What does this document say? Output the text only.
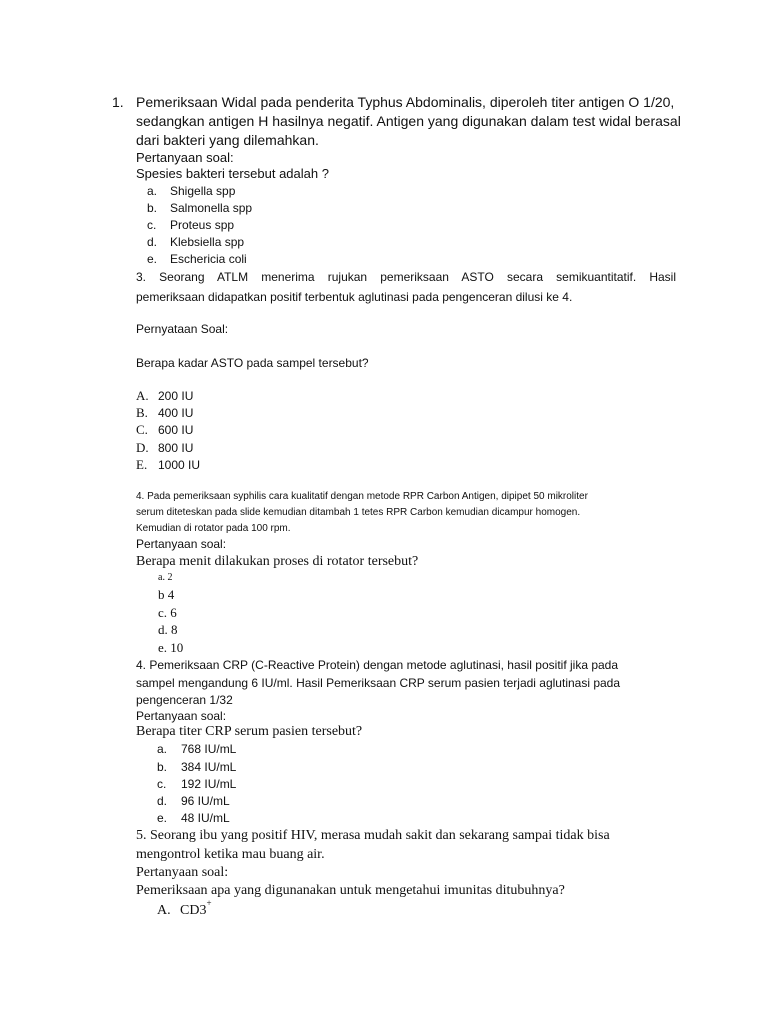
1. Pemeriksaan Widal pada penderita Typhus Abdominalis, diperoleh titer antigen O 1/20,
sedangkan antigen H hasilnya negatif. Antigen yang digunakan dalam test widal berasal
dari bakteri yang dilemahkan.
Pertanyaan soal:
Spesies bakteri tersebut adalah ?
a. Shigella spp
b. Salmonella spp
c. Proteus spp
d. Klebsiella spp
e. Eschericia coli
3. Seorang ATLM menerima rujukan pemeriksaan ASTO secara semikuantitatif. Hasil
pemeriksaan didapatkan positif terbentuk aglutinasi pada pengenceran dilusi ke 4.
Pernyataan Soal:
Berapa kadar ASTO pada sampel tersebut?
A. 200 IU
B. 400 IU
C. 600 IU
D. 800 IU
E. 1000 IU
4. Pada pemeriksaan syphilis cara kualitatif dengan metode RPR Carbon Antigen, dipipet 50 mikroliter
serum diteteskan pada slide kemudian ditambah 1 tetes RPR Carbon kemudian dicampur homogen.
Kemudian di rotator pada 100 rpm.
Pertanyaan soal:
Berapa menit dilakukan proses di rotator tersebut?
a. 2
b 4
c. 6
d. 8
e. 10
4. Pemeriksaan CRP (C-Reactive Protein) dengan metode aglutinasi, hasil positif jika pada
sampel mengandung 6 IU/ml. Hasil Pemeriksaan CRP serum pasien terjadi aglutinasi pada
pengenceran 1/32
Pertanyaan soal:
Berapa titer CRP serum pasien tersebut?
a. 768 IU/mL
b. 384 IU/mL
c. 192 IU/mL
d. 96 IU/mL
e. 48 IU/mL
5. Seorang ibu yang positif HIV, merasa mudah sakit dan sekarang sampai tidak bisa
mengontrol ketika mau buang air.
Pertanyaan soal:
Pemeriksaan apa yang digunanakan untuk mengetahui imunitas ditubuhnya?
A. CD3+
